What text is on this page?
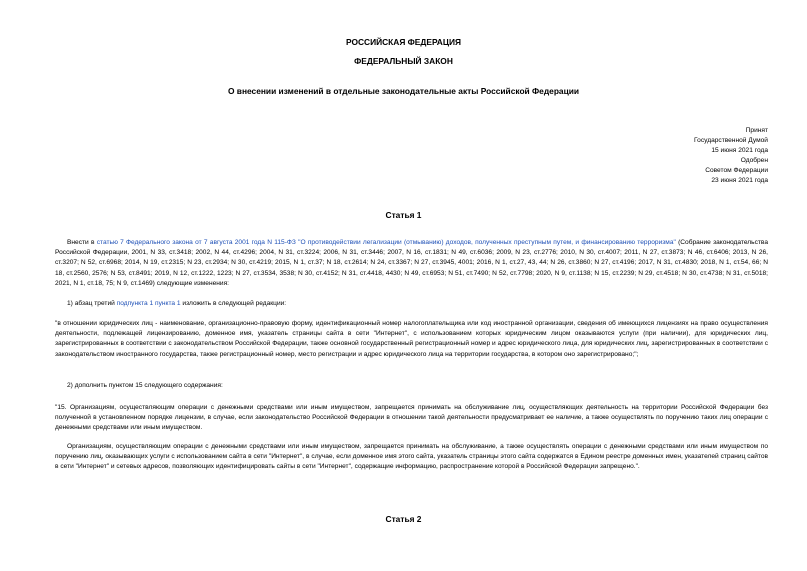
РОССИЙСКАЯ ФЕДЕРАЦИЯ
ФЕДЕРАЛЬНЫЙ ЗАКОН
О внесении изменений в отдельные законодательные акты Российской Федерации
Принят
Государственной Думой
15 июня 2021 года
Одобрен
Советом Федерации
23 июня 2021 года
Статья 1
Внести в статью 7 Федерального закона от 7 августа 2001 года N 115-ФЗ "О противодействии легализации (отмыванию) доходов, полученных преступным путем, и финансированию терроризма" (Собрание законодательства Российской Федерации, 2001, N 33, ст.3418; 2002, N 44, ст.4296; 2004, N 31, ст.3224; 2006, N 31, ст.3446; 2007, N 16, ст.1831; N 49, ст.6036; 2009, N 23, ст.2776; 2010, N 30, ст.4007; 2011, N 27, ст.3873; N 46, ст.6406; 2013, N 26, ст.3207; N 52, ст.6968; 2014, N 19, ст.2315; N 23, ст.2934; N 30, ст.4219; 2015, N 1, ст.37; N 18, ст.2614; N 24, ст.3367; N 27, ст.3945, 4001; 2016, N 1, ст.27, 43, 44; N 26, ст.3860; N 27, ст.4196; 2017, N 31, ст.4830; 2018, N 1, ст.54, 66; N 18, ст.2560, 2576; N 53, ст.8491; 2019, N 12, ст.1222, 1223; N 27, ст.3534, 3538; N 30, ст.4152; N 31, ст.4418, 4430; N 49, ст.6953; N 51, ст.7490; N 52, ст.7798; 2020, N 9, ст.1138; N 15, ст.2239; N 29, ст.4518; N 30, ст.4738; N 31, ст.5018; 2021, N 1, ст.18, 75; N 9, ст.1469) следующие изменения:
1) абзац третий подпункта 1 пункта 1 изложить в следующей редакции:
"в отношении юридических лиц - наименование, организационно-правовую форму, идентификационный номер налогоплательщика или код иностранной организации, сведения об имеющихся лицензиях на право осуществления деятельности, подлежащей лицензированию, доменное имя, указатель страницы сайта в сети "Интернет", с использованием которых юридическим лицом оказываются услуги (при наличии), для юридических лиц, зарегистрированных в соответствии с законодательством Российской Федерации, также основной государственный регистрационный номер и адрес юридического лица, для юридических лиц, зарегистрированных в соответствии с законодательством иностранного государства, также регистрационный номер, место регистрации и адрес юридического лица на территории государства, в котором оно зарегистрировано;";
2) дополнить пунктом 15 следующего содержания:
"15. Организациям, осуществляющим операции с денежными средствами или иным имуществом, запрещается принимать на обслуживание лиц, осуществляющих деятельность на территории Российской Федерации без полученной в установленном порядке лицензии, в случае, если законодательство Российской Федерации в отношении такой деятельности предусматривает ее наличие, а также осуществлять по поручению таких лиц операции с денежными средствами или иным имуществом.
Организациям, осуществляющим операции с денежными средствами или иным имуществом, запрещается принимать на обслуживание, а также осуществлять операции с денежными средствами или иным имуществом по поручению лиц, оказывающих услуги с использованием сайта в сети "Интернет", в случае, если доменное имя этого сайта, указатель страницы этого сайта содержатся в Едином реестре доменных имен, указателей страниц сайтов в сети "Интернет" и сетевых адресов, позволяющих идентифицировать сайты в сети "Интернет", содержащие информацию, распространение которой в Российской Федерации запрещено.".
Статья 2
